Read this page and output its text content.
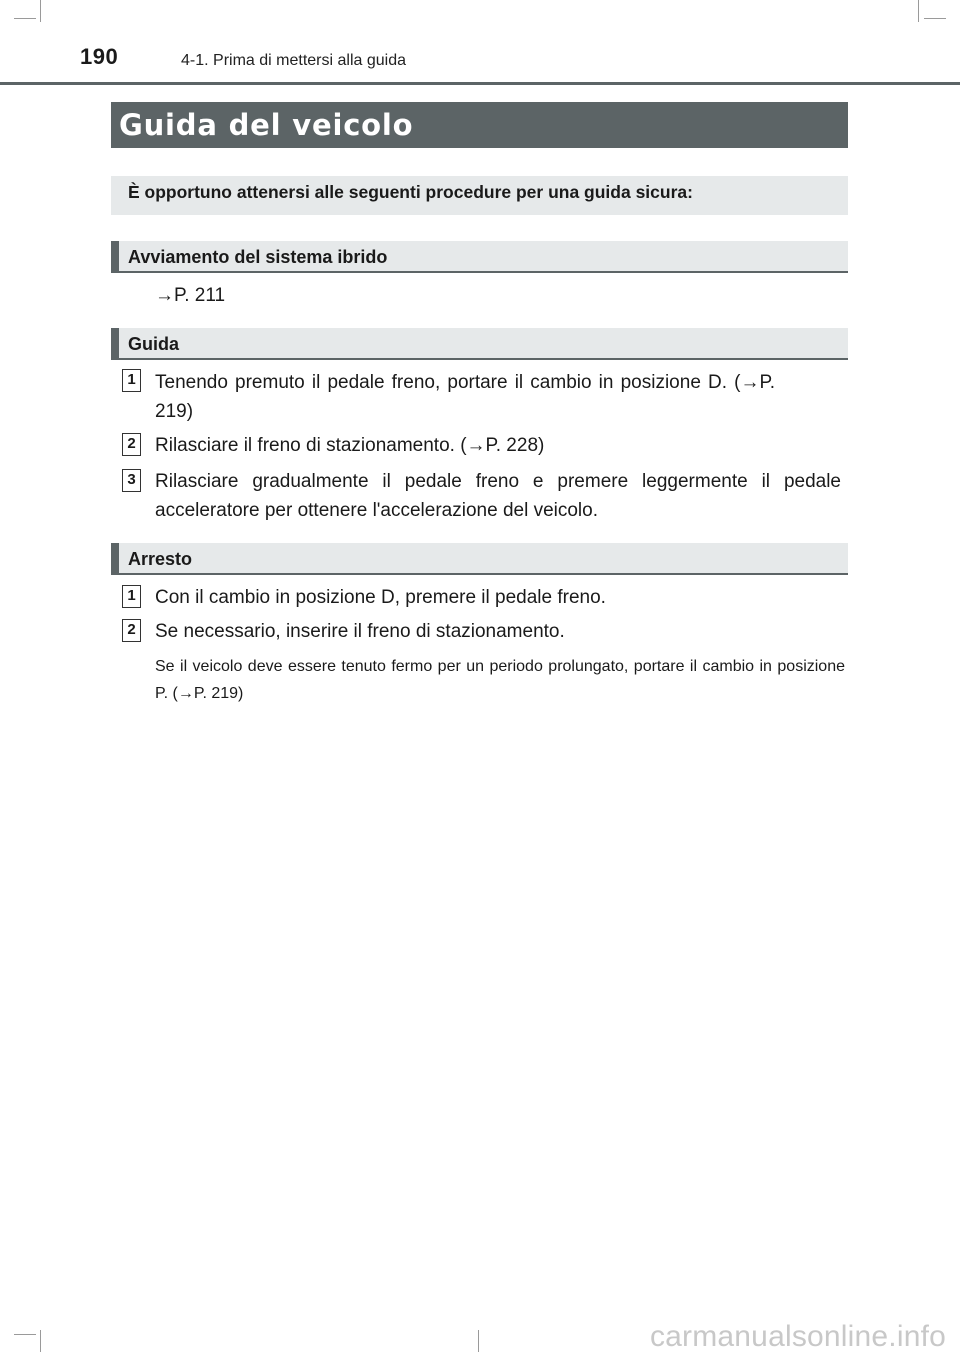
190	4-1. Prima di mettersi alla guida
Guida del veicolo
È opportuno attenersi alle seguenti procedure per una guida sicura:
Avviamento del sistema ibrido
→P. 211
Guida
1 Tenendo premuto il pedale freno, portare il cambio in posizione D. (→P. 219)
2 Rilasciare il freno di stazionamento. (→P. 228)
3 Rilasciare gradualmente il pedale freno e premere leggermente il pedale acceleratore per ottenere l'accelerazione del veicolo.
Arresto
1 Con il cambio in posizione D, premere il pedale freno.
2 Se necessario, inserire il freno di stazionamento.
Se il veicolo deve essere tenuto fermo per un periodo prolungato, portare il cambio in posizione P. (→P. 219)
carmanualsonline.info
